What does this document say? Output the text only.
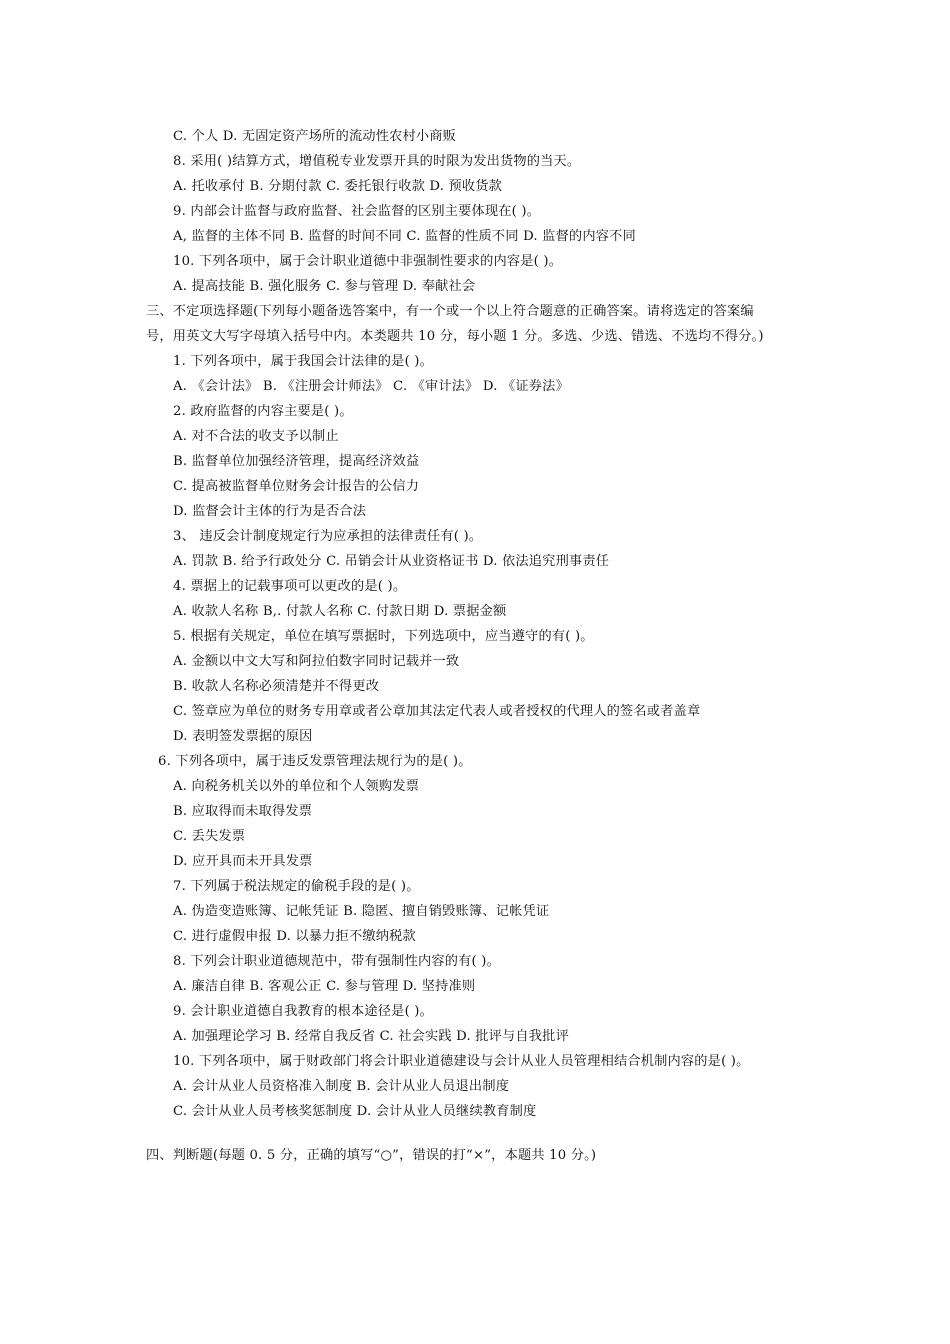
C. 个人 D. 无固定资产场所的流动性农村小商贩
8. 采用( )结算方式，增值税专业发票开具的时限为发出货物的当天。
A. 托收承付 B. 分期付款 C. 委托银行收款 D. 预收货款
9. 内部会计监督与政府监督、社会监督的区别主要体现在( )。
A, 监督的主体不同 B. 监督的时间不同 C. 监督的性质不同 D. 监督的内容不同
10. 下列各项中，属于会计职业道德中非强制性要求的内容是( )。
A. 提高技能 B. 强化服务 C. 参与管理 D. 奉献社会
三、不定项选择题(下列每小题备选答案中，有一个或一个以上符合题意的正确答案。请将选定的答案编
号，用英文大写字母填入括号中内。本类题共 10 分，每小题 1 分。多选、少选、错选、不选均不得分。)
1. 下列各项中，属于我国会计法律的是( )。
A. 《会计法》 B. 《注册会计师法》 C. 《审计法》 D. 《证券法》
2. 政府监督的内容主要是( )。
A. 对不合法的收支予以制止
B. 监督单位加强经济管理，提高经济效益
C. 提高被监督单位财务会计报告的公信力
D. 监督会计主体的行为是否合法
3、 违反会计制度规定行为应承担的法律责任有( )。
A. 罚款 B. 给予行政处分 C. 吊销会计从业资格证书 D. 依法追究刑事责任
4. 票据上的记载事项可以更改的是( )。
A. 收款人名称 B,. 付款人名称 C. 付款日期 D. 票据金额
5. 根据有关规定，单位在填写票据时，下列选项中，应当遵守的有( )。
A. 金额以中文大写和阿拉伯数字同时记载并一致
B. 收款人名称必须清楚并不得更改
C. 签章应为单位的财务专用章或者公章加其法定代表人或者授权的代理人的签名或者盖章
D. 表明签发票据的原因
6. 下列各项中，属于违反发票管理法规行为的是( )。
A. 向税务机关以外的单位和个人领购发票
B. 应取得而未取得发票
C. 丢失发票
D. 应开具而未开具发票
7. 下列属于税法规定的偷税手段的是( )。
A. 伪造变造账簿、记帐凭证 B. 隐匿、擅自销毁账簿、记帐凭证
C. 进行虚假申报 D. 以暴力拒不缴纳税款
8. 下列会计职业道德规范中，带有强制性内容的有( )。
A. 廉洁自律 B. 客观公正 C. 参与管理 D. 坚持准则
9. 会计职业道德自我教育的根本途径是( )。
A. 加强理论学习 B. 经常自我反省 C. 社会实践 D. 批评与自我批评
10. 下列各项中，属于财政部门将会计职业道德建设与会计从业人员管理相结合机制内容的是( )。
A. 会计从业人员资格准入制度 B. 会计从业人员退出制度
C. 会计从业人员考核奖惩制度 D. 会计从业人员继续教育制度
四、判断题(每题 0. 5 分，正确的填写“○”，错误的打“×”，本题共 10 分。)
